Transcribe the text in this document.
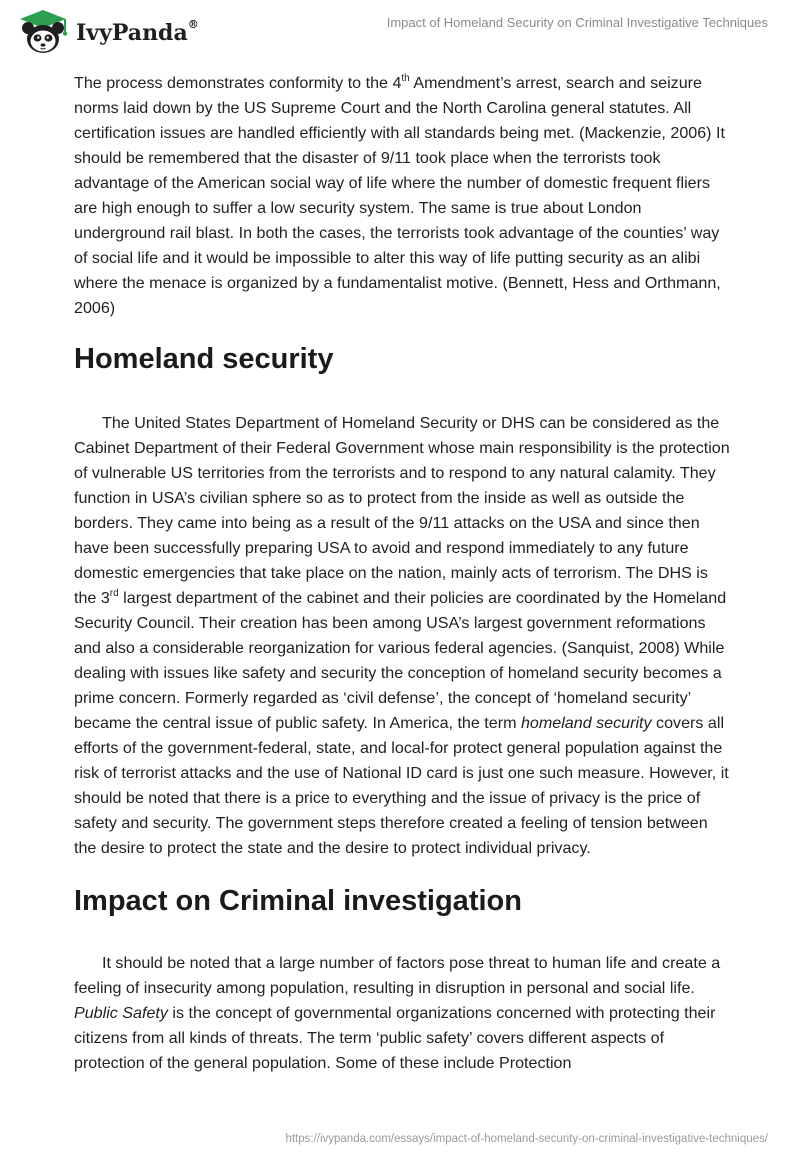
IvyPanda®	Impact of Homeland Security on Criminal Investigative Techniques

The process demonstrates conformity to the 4th Amendment’s arrest, search and seizure norms laid down by the US Supreme Court and the North Carolina general statutes. All certification issues are handled efficiently with all standards being met. (Mackenzie, 2006) It should be remembered that the disaster of 9/11 took place when the terrorists took advantage of the American social way of life where the number of domestic frequent fliers are high enough to suffer a low security system. The same is true about London underground rail blast. In both the cases, the terrorists took advantage of the counties’ way of social life and it would be impossible to alter this way of life putting security as an alibi where the menace is organized by a fundamentalist motive. (Bennett, Hess and Orthmann, 2006)

Homeland security

The United States Department of Homeland Security or DHS can be considered as the Cabinet Department of their Federal Government whose main responsibility is the protection of vulnerable US territories from the terrorists and to respond to any natural calamity. They function in USA’s civilian sphere so as to protect from the inside as well as outside the borders. They came into being as a result of the 9/11 attacks on the USA and since then have been successfully preparing USA to avoid and respond immediately to any future domestic emergencies that take place on the nation, mainly acts of terrorism. The DHS is the 3rd largest department of the cabinet and their policies are coordinated by the Homeland Security Council. Their creation has been among USA’s largest government reformations and also a considerable reorganization for various federal agencies. (Sanquist, 2008) While dealing with issues like safety and security the conception of homeland security becomes a prime concern. Formerly regarded as ‘civil defense’, the concept of ‘homeland security’ became the central issue of public safety. In America, the term homeland security covers all efforts of the government-federal, state, and local-for protect general population against the risk of terrorist attacks and the use of National ID card is just one such measure. However, it should be noted that there is a price to everything and the issue of privacy is the price of safety and security. The government steps therefore created a feeling of tension between the desire to protect the state and the desire to protect individual privacy.

Impact on Criminal investigation

It should be noted that a large number of factors pose threat to human life and create a feeling of insecurity among population, resulting in disruption in personal and social life. Public Safety is the concept of governmental organizations concerned with protecting their citizens from all kinds of threats. The term ‘public safety’ covers different aspects of protection of the general population. Some of these include Protection

https://ivypanda.com/essays/impact-of-homeland-security-on-criminal-investigative-techniques/
